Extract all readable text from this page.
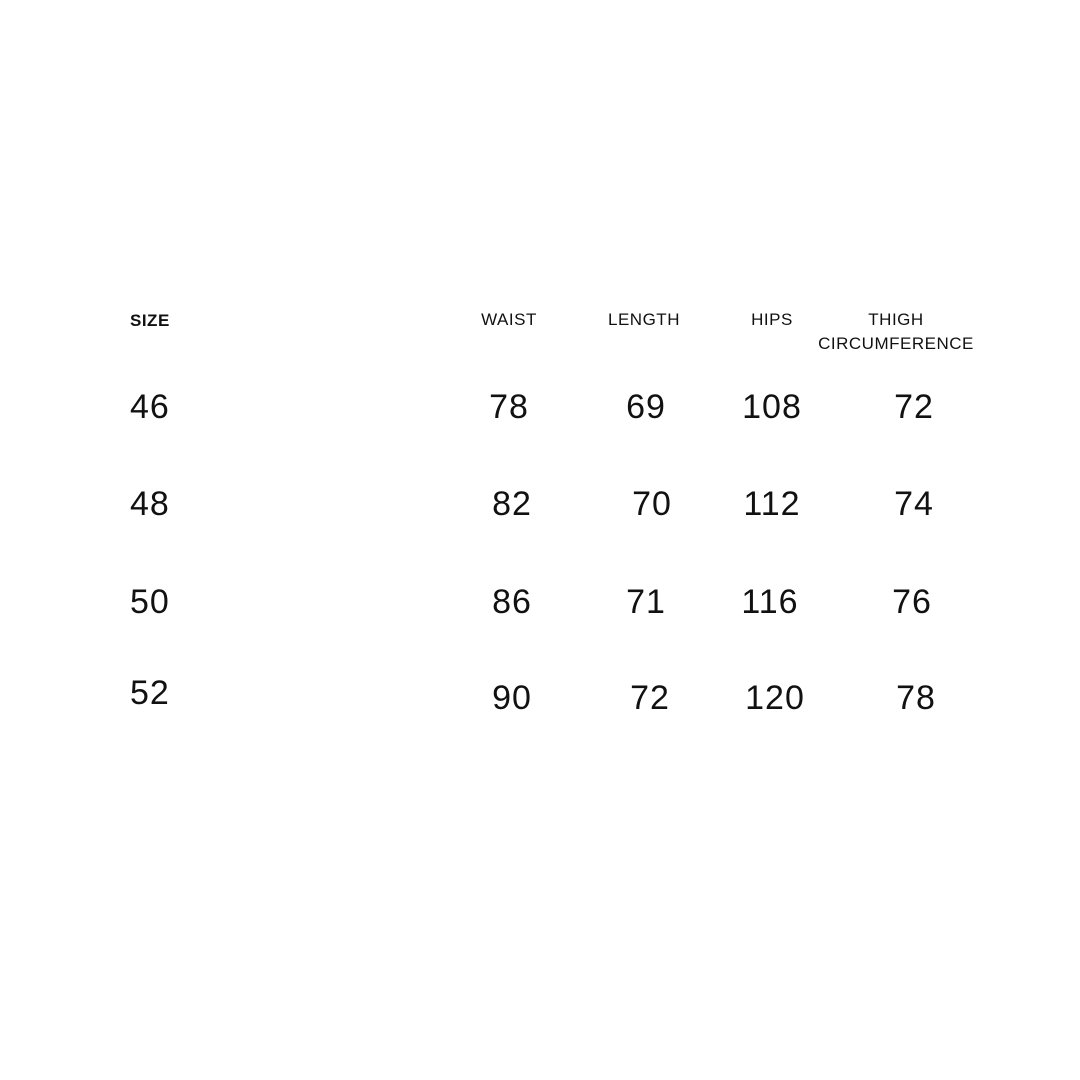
SIZE	WAIST	LENGTH	HIPS	THIGH
CIRCUMFERENCE
46	78	69	108	72
48	82	70	112	74
50	86	71	116	76
52	90	72	120	78
